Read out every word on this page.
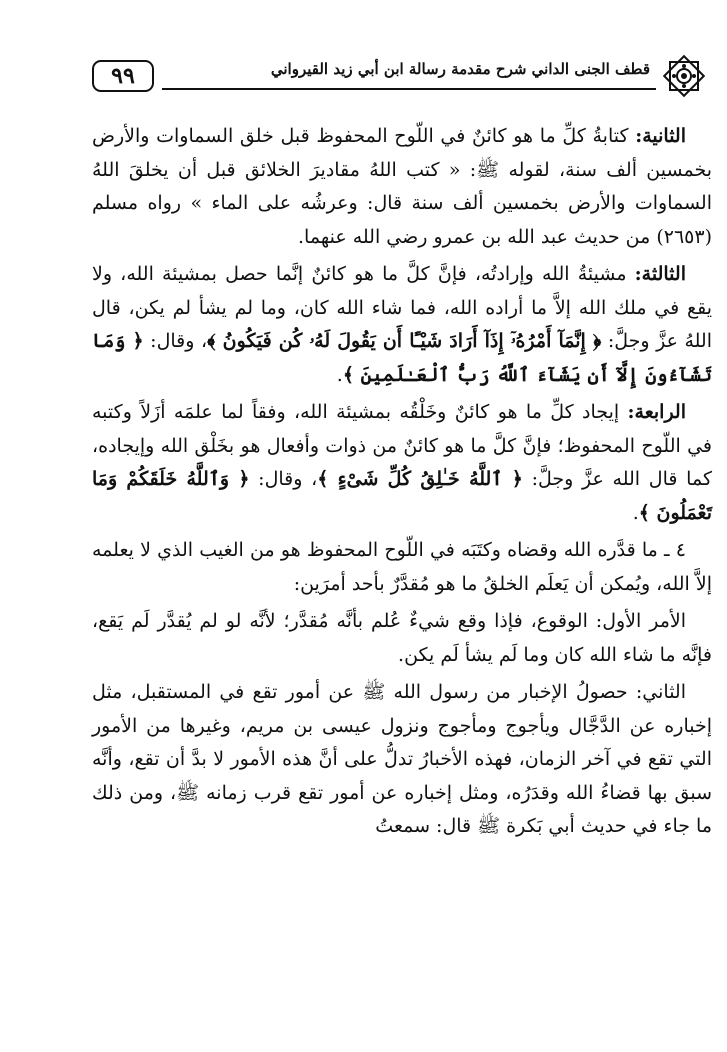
قطف الجنى الداني شرح مقدمة رسالة ابن أبي زيد القيرواني
٩٩

الثانية: كتابةُ كلِّ ما هو كائنٌ في اللّوح المحفوظ قبل خلق السماوات والأرض بخمسين ألف سنة، لقوله ﷺ: « كتب اللهُ مقاديرَ الخلائق قبل أن يخلقَ اللهُ السماوات والأرض بخمسين ألف سنة قال: وعرشُه على الماء » رواه مسلم (٢٦٥٣) من حديث عبد الله بن عمرو رضي الله عنهما.

الثالثة: مشيئةُ الله وإرادتُه، فإنَّ كلَّ ما هو كائنٌ إنَّما حصل بمشيئة الله، ولا يقع في ملك الله إلاَّ ما أراده الله، فما شاء الله كان، وما لم يشأ لم يكن، قال اللهُ عزَّ وجلَّ: ﴿ إِنَّمَآ أَمْرُهُۥٓ إِذَآ أَرَادَ شَيْـًٔا أَن يَقُولَ لَهُۥ كُن فَيَكُونُ ﴾، وقال: ﴿ وَمَا تَشَآءُونَ إِلَّآ أَن يَشَآءَ ٱللَّهُ رَبُّ ٱلْعَـٰلَمِينَ ﴾.

الرابعة: إيجاد كلِّ ما هو كائنٌ وخَلْقُه بمشيئة الله، وفقاً لما علمَه أزَلاً وكتبه في اللّوح المحفوظ؛ فإنَّ كلَّ ما هو كائنٌ من ذوات وأفعال هو بخَلْق الله وإيجاده، كما قال الله عزَّ وجلَّ: ﴿ ٱللَّهُ خَـٰلِقُ كُلِّ شَىْءٍ ﴾، وقال: ﴿ وَٱللَّهُ خَلَقَكُمْ وَمَا تَعْمَلُونَ ﴾.

٤ ـ ما قدَّره الله وقضاه وكتَبَه في اللّوح المحفوظ هو من الغيب الذي لا يعلمه إلاَّ الله، ويُمكن أن يَعلَم الخلقُ ما هو مُقدَّرٌ بأحد أمرَين:

الأمر الأول: الوقوع، فإذا وقع شيءٌ عُلم بأنَّه مُقدَّر؛ لأنَّه لو لم يُقدَّر لَم يَقع، فإنَّه ما شاء الله كان وما لَم يشأ لَم يكن.

الثاني: حصولُ الإخبار من رسول الله ﷺ عن أمور تقع في المستقبل، مثل إخباره عن الدَّجَّال ويأجوج ومأجوج ونزول عيسى بن مريم، وغيرها من الأمور التي تقع في آخر الزمان، فهذه الأخبارُ تدلُّ على أنَّ هذه الأمور لا بدَّ أن تقع، وأنَّه سبق بها قضاءُ الله وقدَرُه، ومثل إخباره عن أمور تقع قرب زمانه ﷺ، ومن ذلك ما جاء في حديث أبي بَكرة ﷺ قال: سمعتُ
